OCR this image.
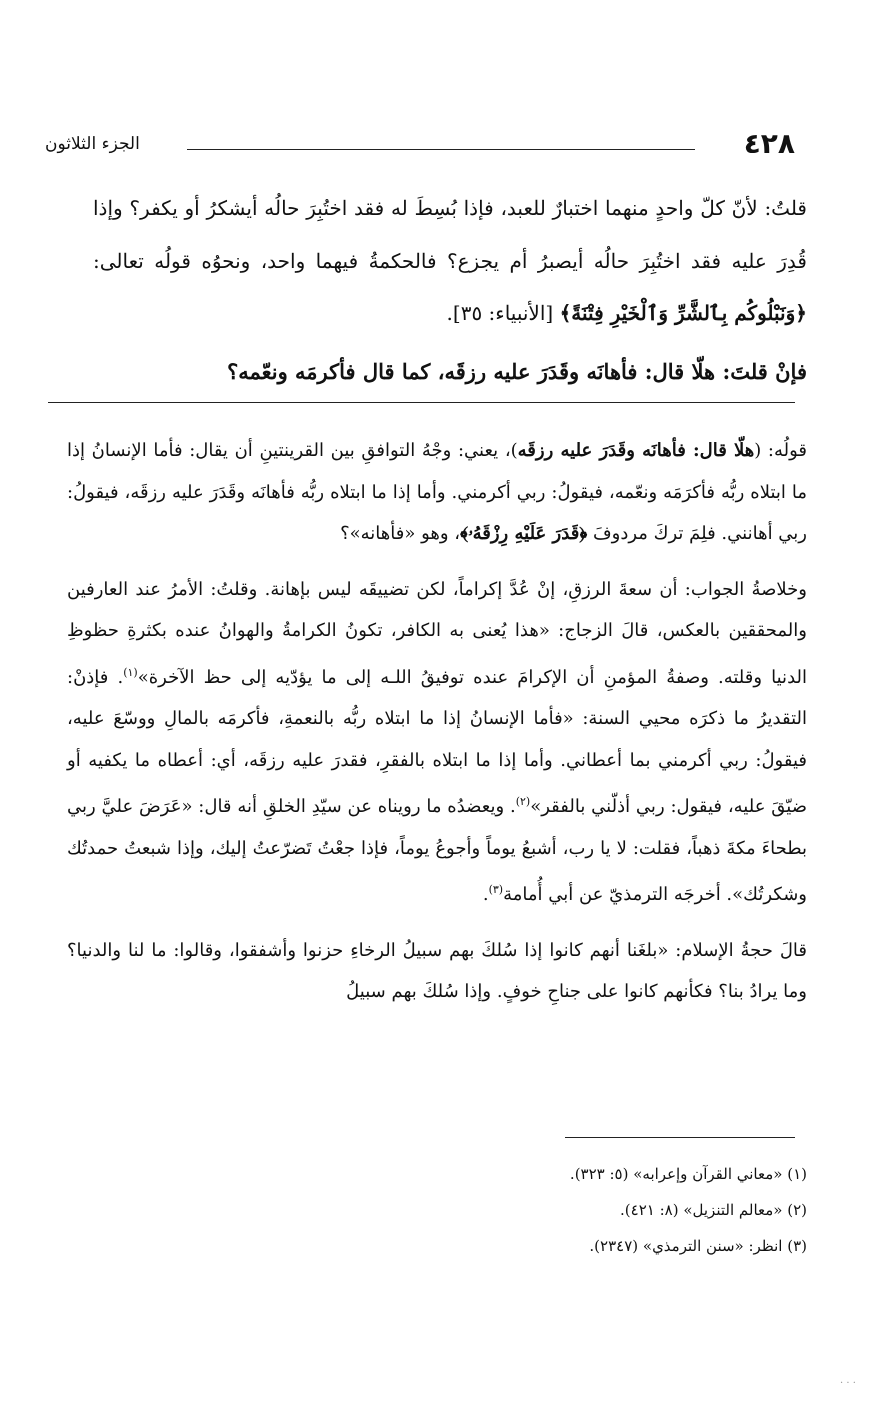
٤٢٨
الجزء الثلاثون

قلتُ: لأنّ كلّ واحدٍ منهما اختبارٌ للعبد، فإذا بُسِطَ له فقد اختُبِرَ حالُه أيشكرُ أو يكفر؟ وإذا قُدِرَ عليه فقد اختُبِرَ حالُه أيصبرُ أم يجزع؟ فالحكمةُ فيهما واحد، ونحوُه قولُه تعالى: ﴿وَنَبْلُوكُم بِٱلشَّرِّ وَٱلْخَيْرِ فِتْنَةً﴾ [الأنبياء: ٣٥].

فإنْ قلتَ: هلّا قال: فأهانَه وقَدَرَ عليه رزقَه، كما قال فأكرمَه ونعّمه؟

قولُه: (هلّا قال: فأهانَه وقَدَرَ عليه رزقَه)، يعني: وجْهُ التوافقِ بين القرينتينِ أن يقال: فأما الإنسانُ إذا ما ابتلاه ربُّه فأكرَمَه ونعّمه، فيقولُ: ربي أكرمني. وأما إذا ما ابتلاه ربُّه فأهانَه وقَدَرَ عليه رزقَه، فيقولُ: ربي أهانني. فلِمَ تركَ مردوفَ ﴿قَدَرَ عَلَيْهِ رِزْقَهُۥ﴾، وهو «فأهانه»؟

وخلاصةُ الجواب: أن سعةَ الرزقِ، إنْ عُدَّ إكراماً، لكن تضييقَه ليس بإهانة. وقلتُ: الأمرُ عند العارفين والمحققين بالعكس، قالَ الزجاج: «هذا يُعنى به الكافر، تكونُ الكرامةُ والهوانُ عنده بكثرةِ حظوظِ الدنيا وقلته. وصفةُ المؤمنِ أن الإكرامَ عنده توفيقُ اللـه إلى ما يؤدّيه إلى حظ الآخرة»$^{(١)}$. فإذنْ: التقديرُ ما ذكرَه محيي السنة: «فأما الإنسانُ إذا ما ابتلاه ربُّه بالنعمةِ، فأكرمَه بالمالِ ووسّعَ عليه، فيقولُ: ربي أكرمني بما أعطاني. وأما إذا ما ابتلاه بالفقرِ، فقدرَ عليه رزقَه، أي: أعطاه ما يكفيه أو ضيّقَ عليه، فيقول: ربي أذلّني بالفقر»$^{(٢)}$. ويعضدُه ما رويناه عن سيّدِ الخلقِ أنه قال: «عَرَضَ عليَّ ربي بطحاءَ مكةَ ذهباً، فقلت: لا يا رب، أشبعُ يوماً وأجوعُ يوماً، فإذا جعْتُ تَضرّعتُ إليك، وإذا شبعتُ حمدتُك وشكرتُك». أخرجَه الترمذيّ عن أبي أُمامة$^{(٣)}$.

قالَ حجةُ الإسلام: «بلغَنا أنهم كانوا إذا سُلكَ بهم سبيلُ الرخاءِ حزنوا وأشفقوا، وقالوا: ما لنا والدنيا؟ وما يرادُ بنا؟ فكأنهم كانوا على جناحِ خوفٍ. وإذا سُلكَ بهم سبيلُ

(١) «معاني القرآن وإعرابه» (٥: ٣٢٣).

(٢) «معالم التنزيل» (٨: ٤٢١).

(٣) انظر: «سنن الترمذي» (٢٣٤٧).

· · ·
